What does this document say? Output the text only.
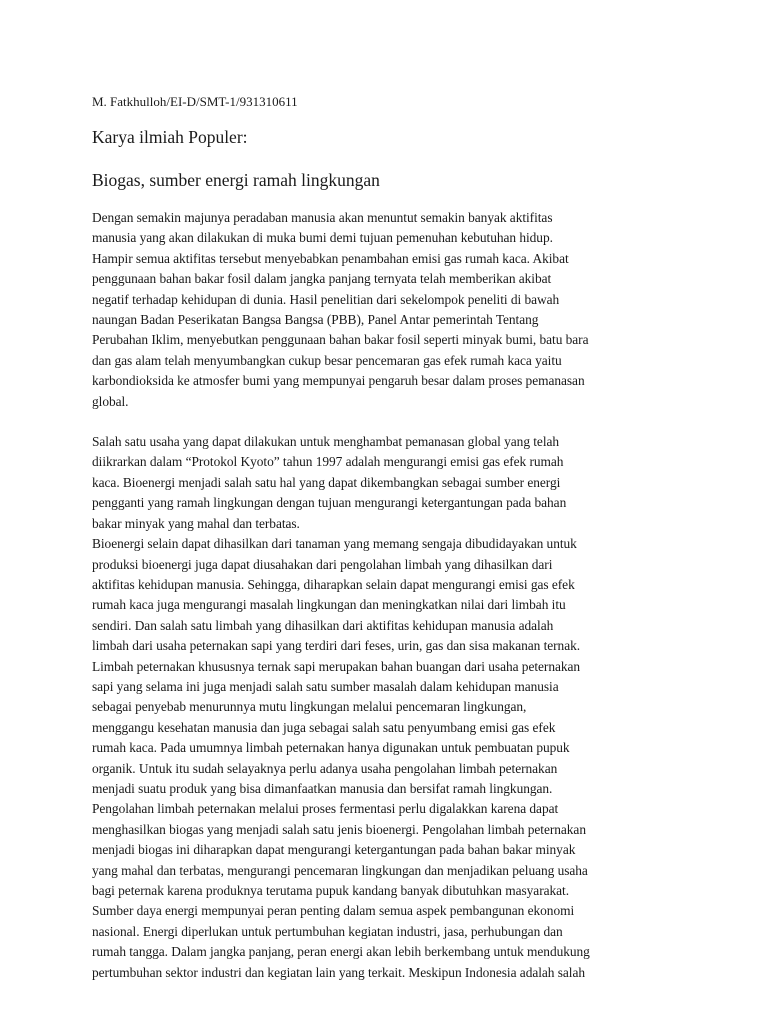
M. Fatkhulloh/EI-D/SMT-1/931310611

Karya ilmiah Populer:
Biogas, sumber energi ramah lingkungan

Dengan semakin majunya peradaban manusia akan menuntut semakin banyak aktifitas
manusia yang akan dilakukan di muka bumi demi tujuan pemenuhan kebutuhan hidup.
Hampir semua aktifitas tersebut menyebabkan penambahan emisi gas rumah kaca. Akibat
penggunaan bahan bakar fosil dalam jangka panjang ternyata telah memberikan akibat
negatif terhadap kehidupan di dunia. Hasil penelitian dari sekelompok peneliti di bawah
naungan Badan Peserikatan Bangsa Bangsa (PBB), Panel Antar pemerintah Tentang
Perubahan Iklim, menyebutkan penggunaan bahan bakar fosil seperti minyak bumi, batu bara
dan gas alam telah menyumbangkan cukup besar pencemaran gas efek rumah kaca yaitu
karbondioksida ke atmosfer bumi yang mempunyai pengaruh besar dalam proses pemanasan
global.

Salah satu usaha yang dapat dilakukan untuk menghambat pemanasan global yang telah
diikrarkan dalam “Protokol Kyoto” tahun 1997 adalah mengurangi emisi gas efek rumah
kaca. Bioenergi menjadi salah satu hal yang dapat dikembangkan sebagai sumber energi
pengganti yang ramah lingkungan dengan tujuan mengurangi ketergantungan pada bahan
bakar minyak yang mahal dan terbatas.

Bioenergi selain dapat dihasilkan dari tanaman yang memang sengaja dibudidayakan untuk
produksi bioenergi juga dapat diusahakan dari pengolahan limbah yang dihasilkan dari
aktifitas kehidupan manusia. Sehingga, diharapkan selain dapat mengurangi emisi gas efek
rumah kaca juga mengurangi masalah lingkungan dan meningkatkan nilai dari limbah itu
sendiri. Dan salah satu limbah yang dihasilkan dari aktifitas kehidupan manusia adalah
limbah dari usaha peternakan sapi yang terdiri dari feses, urin, gas dan sisa makanan ternak.
Limbah peternakan khususnya ternak sapi merupakan bahan buangan dari usaha peternakan
sapi yang selama ini juga menjadi salah satu sumber masalah dalam kehidupan manusia
sebagai penyebab menurunnya mutu lingkungan melalui pencemaran lingkungan,
menggangu kesehatan manusia dan juga sebagai salah satu penyumbang emisi gas efek
rumah kaca. Pada umumnya limbah peternakan hanya digunakan untuk pembuatan pupuk
organik. Untuk itu sudah selayaknya perlu adanya usaha pengolahan limbah peternakan
menjadi suatu produk yang bisa dimanfaatkan manusia dan bersifat ramah lingkungan.
Pengolahan limbah peternakan melalui proses fermentasi perlu digalakkan karena dapat
menghasilkan biogas yang menjadi salah satu jenis bioenergi. Pengolahan limbah peternakan
menjadi biogas ini diharapkan dapat mengurangi ketergantungan pada bahan bakar minyak
yang mahal dan terbatas, mengurangi pencemaran lingkungan dan menjadikan peluang usaha
bagi peternak karena produknya terutama pupuk kandang banyak dibutuhkan masyarakat.
Sumber daya energi mempunyai peran penting dalam semua aspek pembangunan ekonomi
nasional. Energi diperlukan untuk pertumbuhan kegiatan industri, jasa, perhubungan dan
rumah tangga. Dalam jangka panjang, peran energi akan lebih berkembang untuk mendukung
pertumbuhan sektor industri dan kegiatan lain yang terkait. Meskipun Indonesia adalah salah
